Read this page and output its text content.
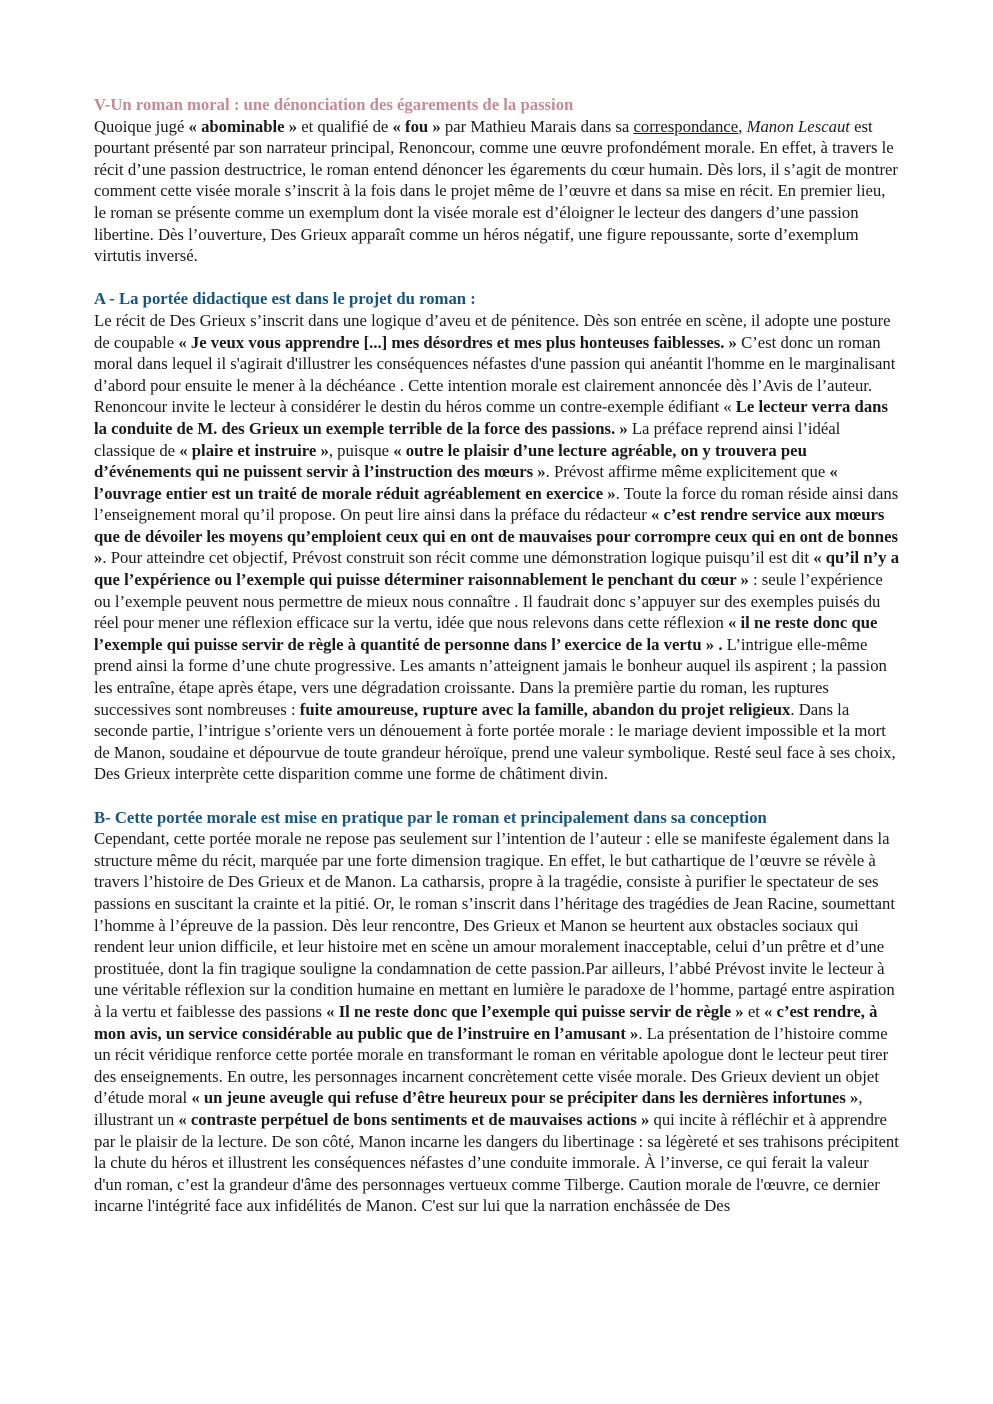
V-Un roman moral : une dénonciation des égarements de la passion

Quoique jugé « abominable » et qualifié de « fou » par Mathieu Marais dans sa correspondance, Manon Lescaut est pourtant présenté par son narrateur principal, Renoncour, comme une œuvre profondément morale. En effet, à travers le récit d’une passion destructrice, le roman entend dénoncer les égarements du cœur humain. Dès lors, il s’agit de montrer comment cette visée morale s’inscrit à la fois dans le projet même de l’œuvre et dans sa mise en récit. En premier lieu, le roman se présente comme un exemplum dont la visée morale est d’éloigner le lecteur des dangers d’une passion libertine. Dès l’ouverture, Des Grieux apparaît comme un héros négatif, une figure repoussante, sorte d’exemplum virtutis inversé.

A - La portée didactique est dans le projet du roman :

Le récit de Des Grieux s’inscrit dans une logique d’aveu et de pénitence. Dès son entrée en scène, il adopte une posture de coupable « Je veux vous apprendre [...] mes désordres et mes plus honteuses faiblesses. » C’est donc un roman moral dans lequel il s'agirait d'illustrer les conséquences néfastes d'une passion qui anéantit l'homme en le marginalisant d’abord pour ensuite le mener à la déchéance . Cette intention morale est clairement annoncée dès l’Avis de l’auteur. Renoncour invite le lecteur à considérer le destin du héros comme un contre-exemple édifiant « Le lecteur verra dans la conduite de M. des Grieux un exemple terrible de la force des passions. » La préface reprend ainsi l’idéal classique de « plaire et instruire », puisque « outre le plaisir d’une lecture agréable, on y trouvera peu d’événements qui ne puissent servir à l’instruction des mœurs ». Prévost affirme même explicitement que « l’ouvrage entier est un traité de morale réduit agréablement en exercice ». Toute la force du roman réside ainsi dans l’enseignement moral qu’il propose. On peut lire ainsi dans la préface du rédacteur « c’est rendre service aux mœurs que de dévoiler les moyens qu’emploient ceux qui en ont de mauvaises pour corrompre ceux qui en ont de bonnes ». Pour atteindre cet objectif, Prévost construit son récit comme une démonstration logique puisqu’il est dit « qu’il n’y a que l’expérience ou l’exemple qui puisse déterminer raisonnablement le penchant du cœur » : seule l’expérience ou l’exemple peuvent nous permettre de mieux nous connaître . Il faudrait donc s’appuyer sur des exemples puisés du réel pour mener une réflexion efficace sur la vertu, idée que nous relevons dans cette réflexion « il ne reste donc que l’exemple qui puisse servir de règle à quantité de personne dans l’ exercice de la vertu » . L’intrigue elle-même prend ainsi la forme d’une chute progressive. Les amants n’atteignent jamais le bonheur auquel ils aspirent ; la passion les entraîne, étape après étape, vers une dégradation croissante. Dans la première partie du roman, les ruptures successives sont nombreuses : fuite amoureuse, rupture avec la famille, abandon du projet religieux. Dans la seconde partie, l’intrigue s’oriente vers un dénouement à forte portée morale : le mariage devient impossible et la mort de Manon, soudaine et dépourvue de toute grandeur héroïque, prend une valeur symbolique. Resté seul face à ses choix, Des Grieux interprète cette disparition comme une forme de châtiment divin.

B- Cette portée morale est mise en pratique par le roman et principalement dans sa conception

Cependant, cette portée morale ne repose pas seulement sur l’intention de l’auteur : elle se manifeste également dans la structure même du récit, marquée par une forte dimension tragique. En effet, le but cathartique de l’œuvre se révèle à travers l’histoire de Des Grieux et de Manon. La catharsis, propre à la tragédie, consiste à purifier le spectateur de ses passions en suscitant la crainte et la pitié. Or, le roman s’inscrit dans l’héritage des tragédies de Jean Racine, soumettant l’homme à l’épreuve de la passion. Dès leur rencontre, Des Grieux et Manon se heurtent aux obstacles sociaux qui rendent leur union difficile, et leur histoire met en scène un amour moralement inacceptable, celui d’un prêtre et d’une prostituée, dont la fin tragique souligne la condamnation de cette passion.Par ailleurs, l’abbé Prévost invite le lecteur à une véritable réflexion sur la condition humaine en mettant en lumière le paradoxe de l’homme, partagé entre aspiration à la vertu et faiblesse des passions « Il ne reste donc que l’exemple qui puisse servir de règle » et « c’est rendre, à mon avis, un service considérable au public que de l’instruire en l’amusant ». La présentation de l’histoire comme un récit véridique renforce cette portée morale en transformant le roman en véritable apologue dont le lecteur peut tirer des enseignements. En outre, les personnages incarnent concrètement cette visée morale. Des Grieux devient un objet d’étude moral « un jeune aveugle qui refuse d’être heureux pour se précipiter dans les dernières infortunes », illustrant un « contraste perpétuel de bons sentiments et de mauvaises actions » qui incite à réfléchir et à apprendre par le plaisir de la lecture. De son côté, Manon incarne les dangers du libertinage : sa légèreté et ses trahisons précipitent la chute du héros et illustrent les conséquences néfastes d’une conduite immorale. À l’inverse, ce qui ferait la valeur d'un roman, c’est la grandeur d'âme des personnages vertueux comme Tilberge. Caution morale de l'œuvre, ce dernier incarne l'intégrité face aux infidélités de Manon. C'est sur lui que la narration enchâssée de Des
